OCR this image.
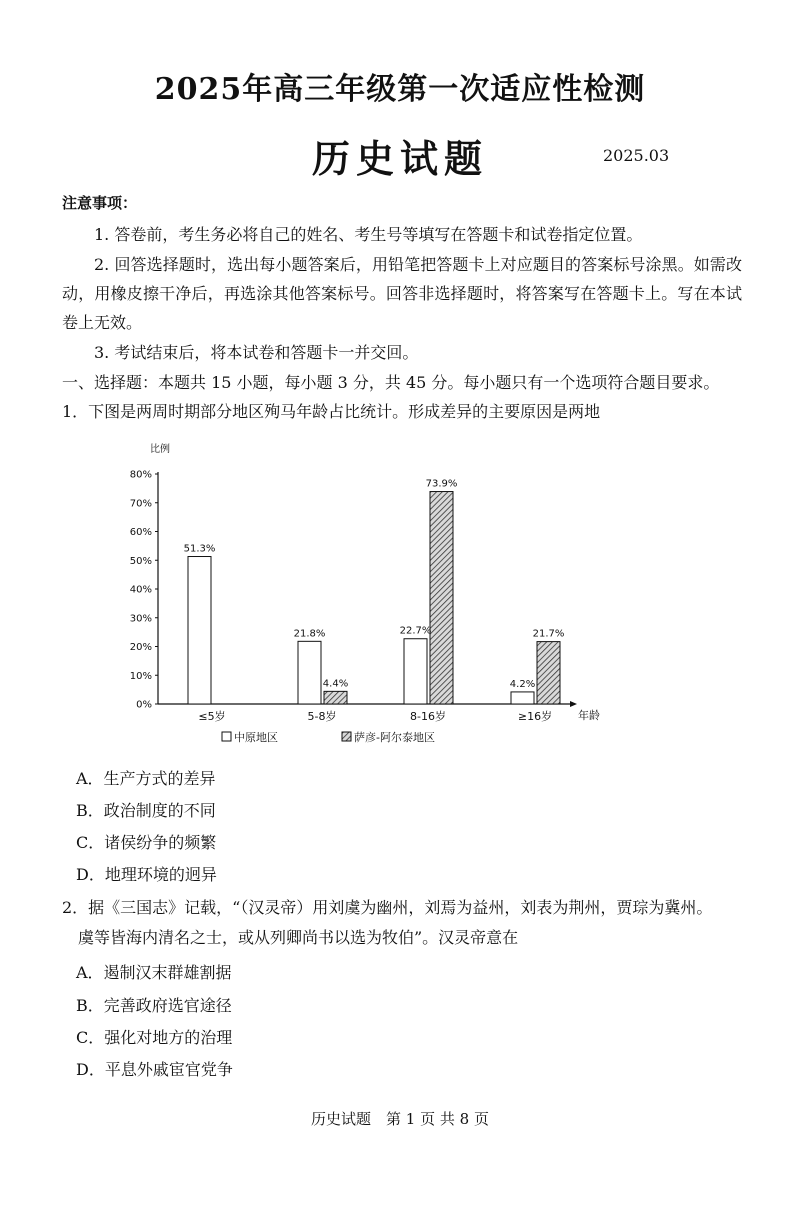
2025年高三年级第一次适应性检测
历史试题	2025.03
注意事项：
1. 答卷前，考生务必将自己的姓名、考生号等填写在答题卡和试卷指定位置。
2. 回答选择题时，选出每小题答案后，用铅笔把答题卡上对应题目的答案标号涂黑。如需改动，用橡皮擦干净后，再选涂其他答案标号。回答非选择题时，将答案写在答题卡上。写在本试卷上无效。
3. 考试结束后，将本试卷和答题卡一并交回。
一、选择题：本题共 15 小题，每小题 3 分，共 45 分。每小题只有一个选项符合题目要求。
1．下图是两周时期部分地区殉马年龄占比统计。形成差异的主要原因是两地
比例
年龄
0%
10%
20%
30%
40%
50%
60%
70%
80%
≤5岁
51.3%
5-8岁
21.8%
4.4%
8-16岁
22.7%
73.9%
≥16岁
4.2%
21.7%
中原地区	萨彦-阿尔泰地区
A．生产方式的差异
B．政治制度的不同
C．诸侯纷争的频繁
D．地理环境的迥异
2．据《三国志》记载，“（汉灵帝）用刘虞为幽州，刘焉为益州，刘表为荆州，贾琮为冀州。
虞等皆海内清名之士，或从列卿尚书以选为牧伯”。汉灵帝意在
A．遏制汉末群雄割据
B．完善政府选官途径
C．强化对地方的治理
D．平息外戚宦官党争
历史试题　第 1 页 共 8 页
